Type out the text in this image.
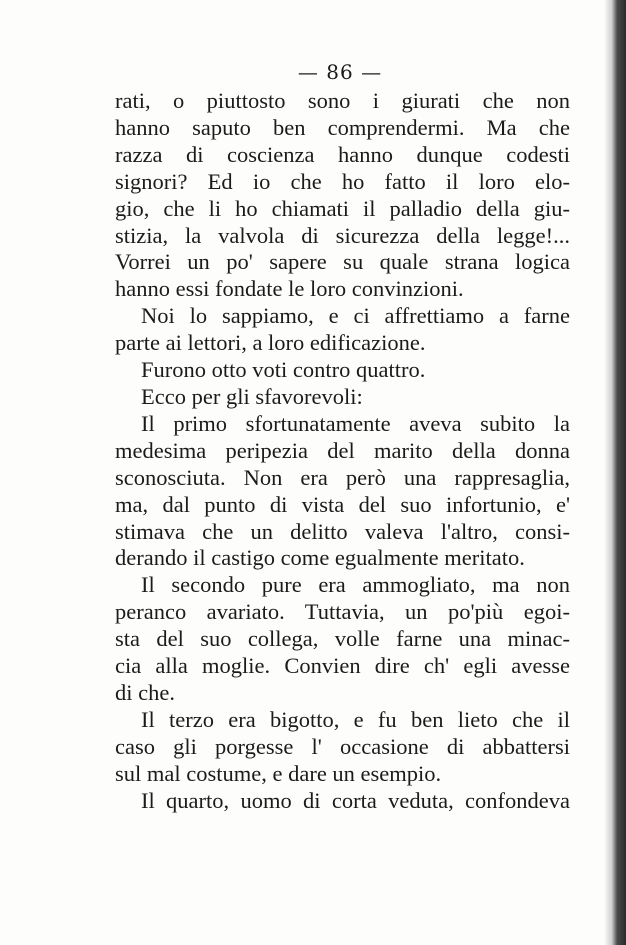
— 86 —
rati, o piuttosto sono i giurati che non
hanno saputo ben comprendermi. Ma che
razza di coscienza hanno dunque codesti
signori? Ed io che ho fatto il loro elo-
gio, che li ho chiamati il palladio della giu-
stizia, la valvola di sicurezza della legge!...
Vorrei un po' sapere su quale strana logica
hanno essi fondate le loro convinzioni.
Noi lo sappiamo, e ci affrettiamo a farne
parte ai lettori, a loro edificazione.
Furono otto voti contro quattro.
Ecco per gli sfavorevoli:
Il primo sfortunatamente aveva subito la
medesima peripezia del marito della donna
sconosciuta. Non era però una rappresaglia,
ma, dal punto di vista del suo infortunio, e'
stimava che un delitto valeva l'altro, consi-
derando il castigo come egualmente meritato.
Il secondo pure era ammogliato, ma non
peranco avariato. Tuttavia, un po'più egoi-
sta del suo collega, volle farne una minac-
cia alla moglie. Convien dire ch' egli avesse
di che.
Il terzo era bigotto, e fu ben lieto che il
caso gli porgesse l' occasione di abbattersi
sul mal costume, e dare un esempio.
Il quarto, uomo di corta veduta, confondeva
